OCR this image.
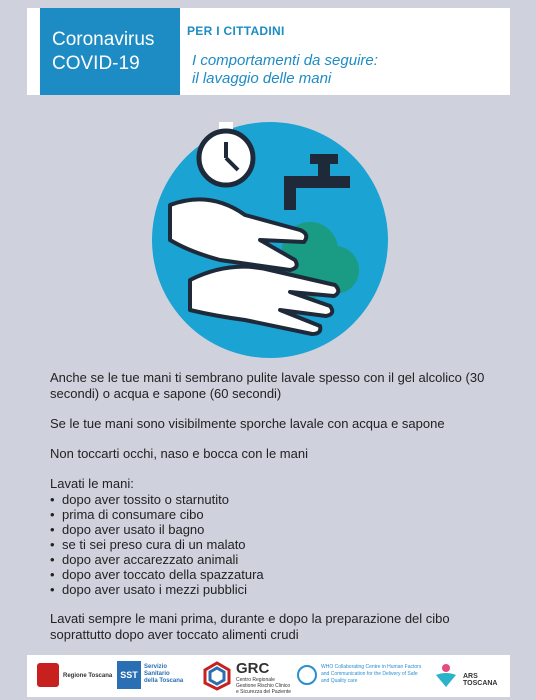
Coronavirus
COVID-19
PER I CITTADINI
I comportamenti da seguire:
il lavaggio delle mani

Anche se le tue mani ti sembrano pulite lavale spesso con il gel alcolico (30 secondi) o acqua e sapone (60 secondi)

Se le tue mani sono visibilmente sporche lavale con acqua e sapone

Non toccarti occhi, naso e bocca con le mani

Lavati le mani:
• dopo aver tossito o starnutito
• prima di consumare cibo
• dopo aver usato il bagno
• se ti sei preso cura di un malato
• dopo aver accarezzato animali
• dopo aver toccato della spazzatura
• dopo aver usato i mezzi pubblici

Lavati sempre le mani prima, durante e dopo la preparazione del cibo soprattutto dopo aver toccato alimenti crudi

Regione Toscana SST
Servizio Sanitario della Toscana
GRC
Centro Regionale Gestione Rischio Clinico e Sicurezza del Paziente
WHO Collaborating Centre in Human Factors and Communication for the Delivery of Safe and Quality care
ARS TOSCANA
